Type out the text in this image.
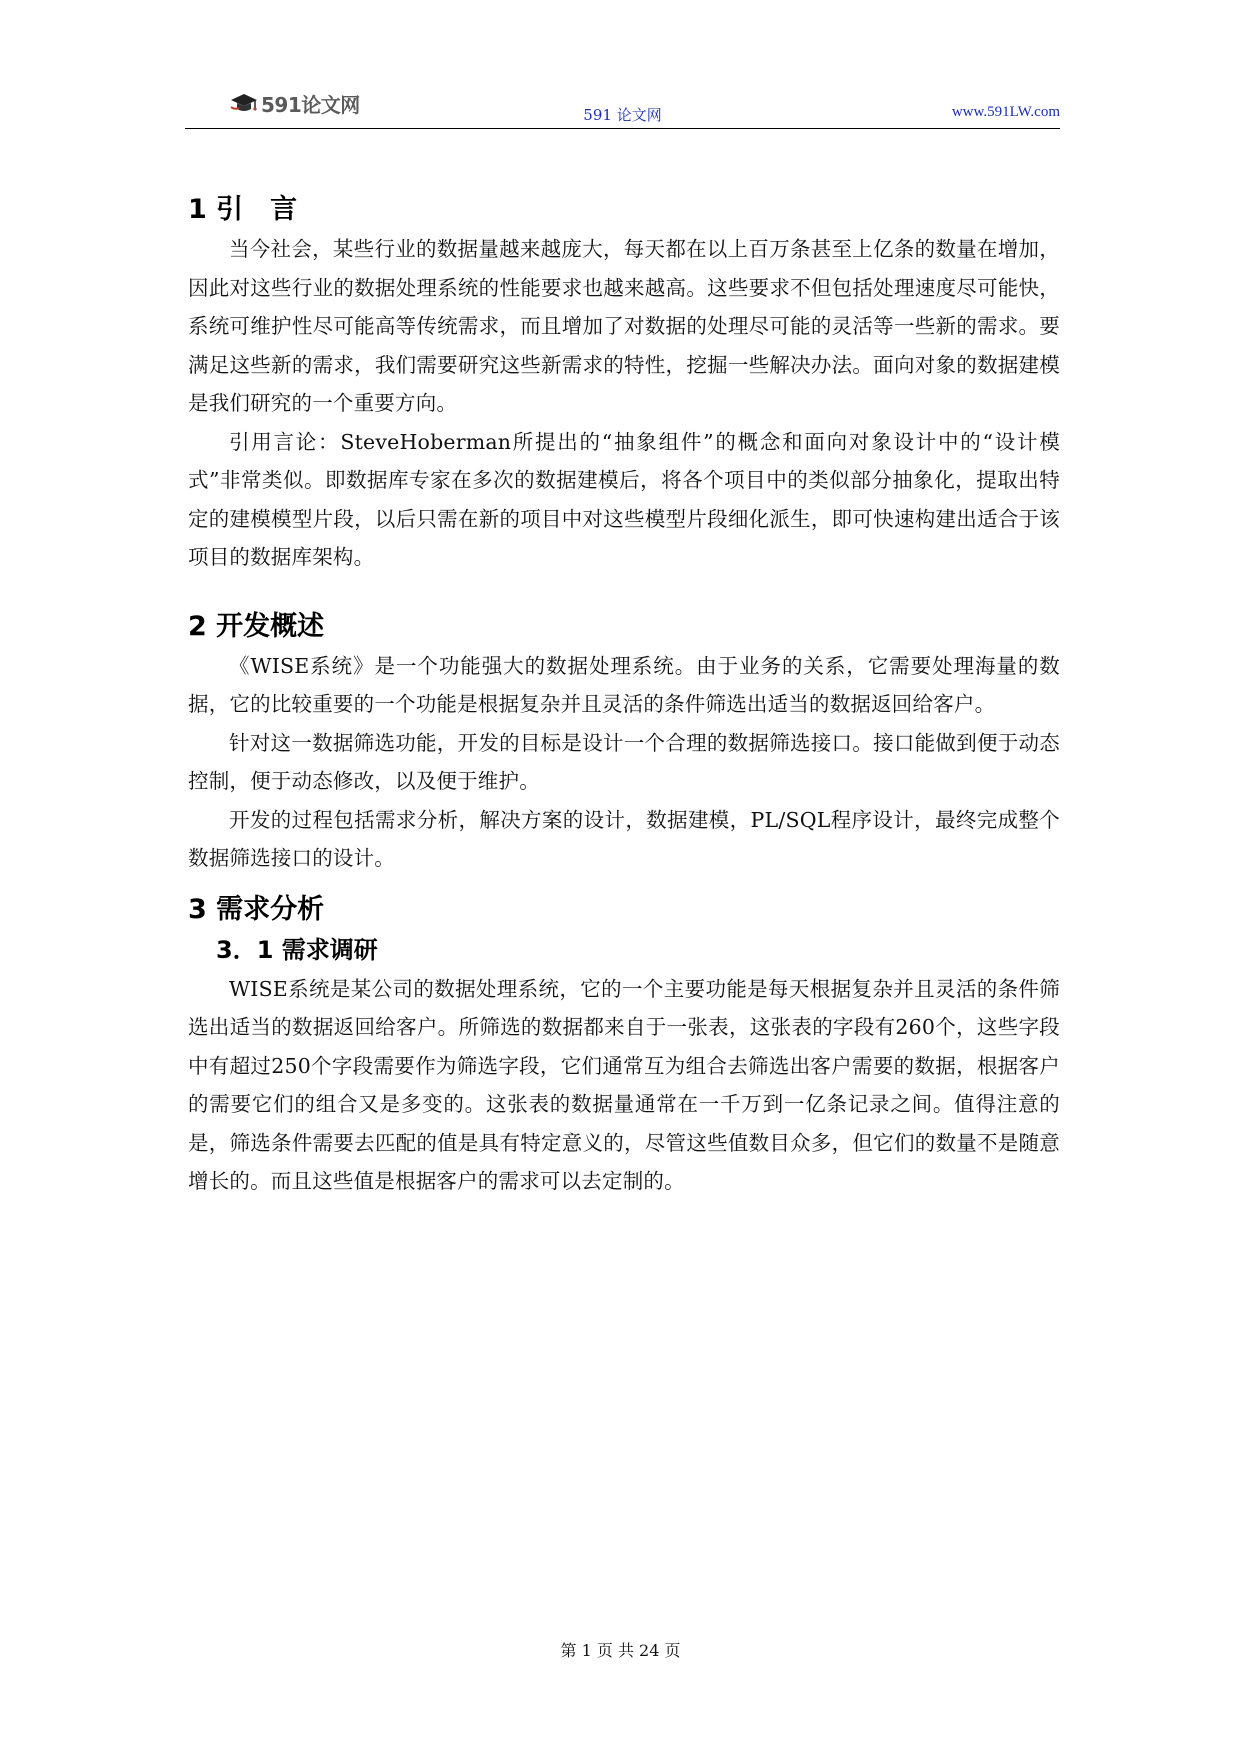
591论文网	591 论文网	www.591LW.com
1 引　言

当今社会，某些行业的数据量越来越庞大，每天都在以上百万条甚至上亿条的数量在增加，因此对这些行业的数据处理系统的性能要求也越来越高。这些要求不但包括处理速度尽可能快，系统可维护性尽可能高等传统需求，而且增加了对数据的处理尽可能的灵活等一些新的需求。要满足这些新的需求，我们需要研究这些新需求的特性，挖掘一些解决办法。面向对象的数据建模是我们研究的一个重要方向。

引用言论：SteveHoberman所提出的“抽象组件”的概念和面向对象设计中的“设计模式”非常类似。即数据库专家在多次的数据建模后，将各个项目中的类似部分抽象化，提取出特定的建模模型片段，以后只需在新的项目中对这些模型片段细化派生，即可快速构建出适合于该项目的数据库架构。

2 开发概述

《WISE系统》是一个功能强大的数据处理系统。由于业务的关系，它需要处理海量的数据，它的比较重要的一个功能是根据复杂并且灵活的条件筛选出适当的数据返回给客户。

针对这一数据筛选功能，开发的目标是设计一个合理的数据筛选接口。接口能做到便于动态控制，便于动态修改，以及便于维护。

开发的过程包括需求分析，解决方案的设计，数据建模，PL/SQL程序设计，最终完成整个数据筛选接口的设计。

3 需求分析
3．1 需求调研

WISE系统是某公司的数据处理系统，它的一个主要功能是每天根据复杂并且灵活的条件筛选出适当的数据返回给客户。所筛选的数据都来自于一张表，这张表的字段有260个，这些字段中有超过250个字段需要作为筛选字段，它们通常互为组合去筛选出客户需要的数据，根据客户的需要它们的组合又是多变的。这张表的数据量通常在一千万到一亿条记录之间。值得注意的是，筛选条件需要去匹配的值是具有特定意义的，尽管这些值数目众多，但它们的数量不是随意增长的。而且这些值是根据客户的需求可以去定制的。

第 1 页 共 24 页
